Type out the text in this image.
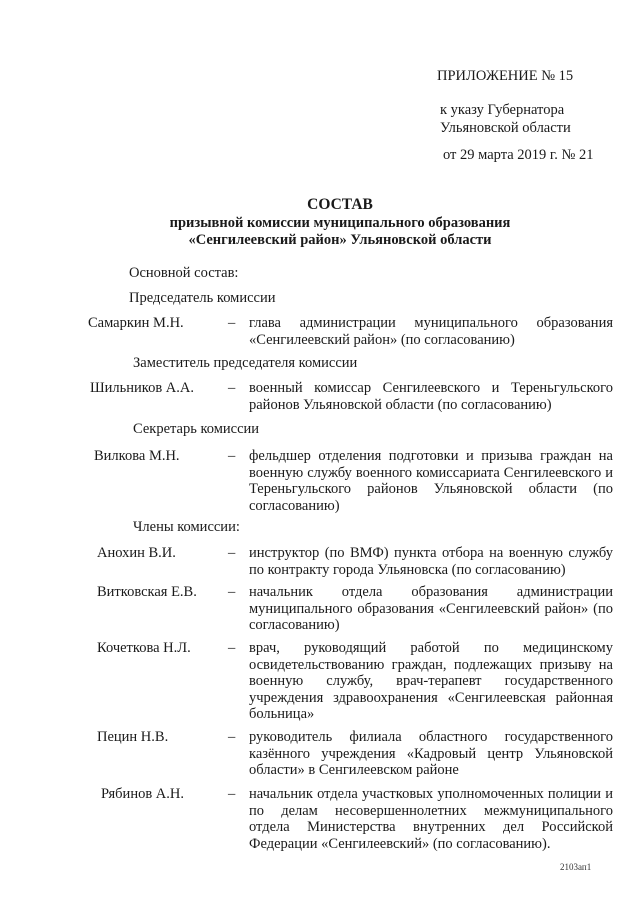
ПРИЛОЖЕНИЕ № 15
к указу Губернатора
Ульяновской области
от 29 марта 2019 г. № 21
СОСТАВ
призывной комиссии муниципального образования
«Сенгилеевский район» Ульяновской области
Основной состав:
Председатель комиссии
Самаркин М.Н.	– глава администрации муниципального образования «Сенгилеевский район» (по согласованию)
Заместитель председателя комиссии
Шильников А.А. – военный комиссар Сенгилеевского и Тереньгульского районов Ульяновской области (по согласованию)
Секретарь комиссии
Вилкова М.Н.	– фельдшер отделения подготовки и призыва граждан на военную службу военного комиссариата Сенгилеевского и Тереньгульского районов Ульяновской области (по согласованию)
Члены комиссии:
Анохин В.И.	– инструктор (по ВМФ) пункта отбора на военную службу по контракту города Ульяновска (по согласованию)
Витковская Е.В. – начальник отдела образования администрации муниципального образования «Сенгилеевский район» (по согласованию)
Кочеткова Н.Л.	– врач, руководящий работой по медицинскому освидетельствованию граждан, подлежащих призыву на военную службу, врач-терапевт государственного учреждения здравоохранения «Сенгилеевская районная больница»
Пецин Н.В.	– руководитель филиала областного государственного казённого учреждения «Кадровый центр Ульяновской области» в Сенгилеевском районе
Рябинов А.Н.	– начальник отдела участковых уполномоченных полиции и по делам несовершеннолетних межмуниципального отдела Министерства внутренних дел Российской Федерации «Сенгилеевский» (по согласованию).
2103ап1
